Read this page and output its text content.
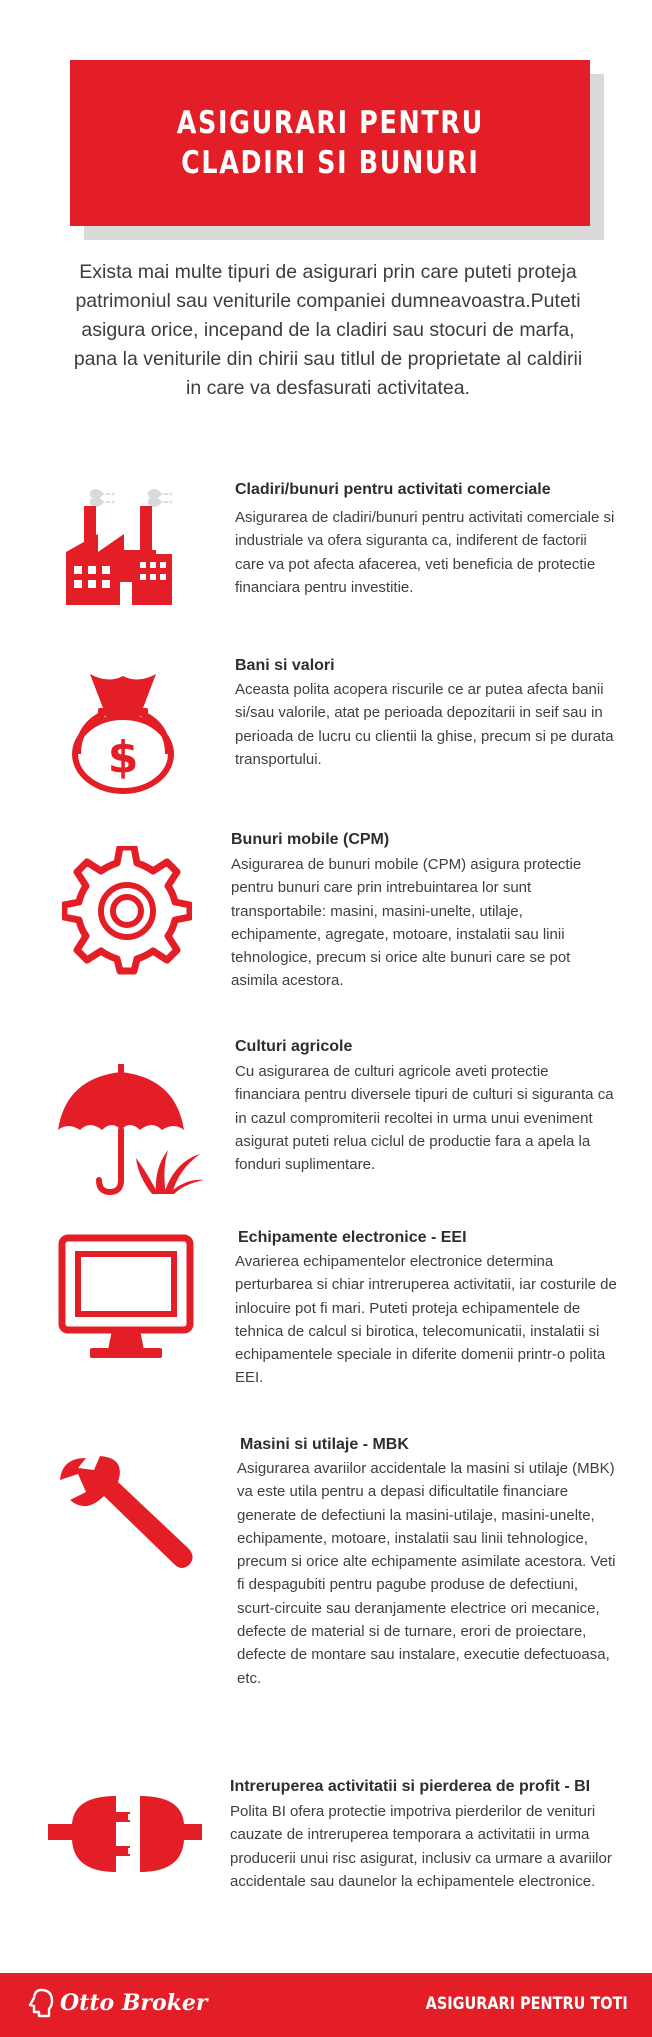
ASIGURARI PENTRU
CLADIRI SI BUNURI

Exista mai multe tipuri de asigurari prin care puteti proteja patrimoniul sau veniturile companiei dumneavoastra.Puteti asigura orice, incepand de la cladiri sau stocuri de marfa, pana la veniturile din chirii sau titlul de proprietate al caldirii in care va desfasurati activitatea.

Cladiri/bunuri pentru activitati comerciale

Asigurarea de cladiri/bunuri pentru activitati comerciale si industriale va ofera siguranta ca, indiferent de factorii care va pot afecta afacerea, veti beneficia de protectie financiara pentru investitie.

$
Bani si valori

Aceasta polita acopera riscurile ce ar putea afecta banii si/sau valorile, atat pe perioada depozitarii in seif sau in perioada de lucru cu clientii la ghise, precum si pe durata transportului.

Bunuri mobile (CPM)

Asigurarea de bunuri mobile (CPM) asigura protectie pentru bunuri care prin intrebuintarea lor sunt transportabile: masini, masini-unelte, utilaje, echipamente, agregate, motoare, instalatii sau linii tehnologice, precum si orice alte bunuri care se pot asimila acestora.

Culturi agricole

Cu asigurarea de culturi agricole aveti protectie financiara pentru diversele tipuri de culturi si siguranta ca in cazul compromiterii recoltei in urma unui eveniment asigurat puteti relua ciclul de productie fara a apela la fonduri suplimentare.

Echipamente electronice - EEI

Avarierea echipamentelor electronice determina perturbarea si chiar intreruperea activitatii, iar costurile de inlocuire pot fi mari. Puteti proteja echipamentele de tehnica de calcul si birotica, telecomunicatii, instalatii si echipamentele speciale in diferite domenii printr-o polita EEI.

Masini si utilaje - MBK

Asigurarea avariilor accidentale la masini si utilaje (MBK) va este utila pentru a depasi dificultatile financiare generate de defectiuni la masini-utilaje, masini-unelte, echipamente, motoare, instalatii sau linii tehnologice, precum si orice alte echipamente asimilate acestora. Veti fi despagubiti pentru pagube produse de defectiuni, scurt-circuite sau deranjamente electrice ori mecanice, defecte de material si de turnare, erori de proiectare, defecte de montare sau instalare, executie defectuoasa, etc.

Intreruperea activitatii si pierderea de profit - BI

Polita BI ofera protectie impotriva pierderilor de venituri cauzate de intreruperea temporara a activitatii in urma producerii unui risc asigurat, inclusiv ca urmare a avariilor accidentale sau daunelor la echipamentele electronice.

Otto Broker	ASIGURARI PENTRU TOTI
